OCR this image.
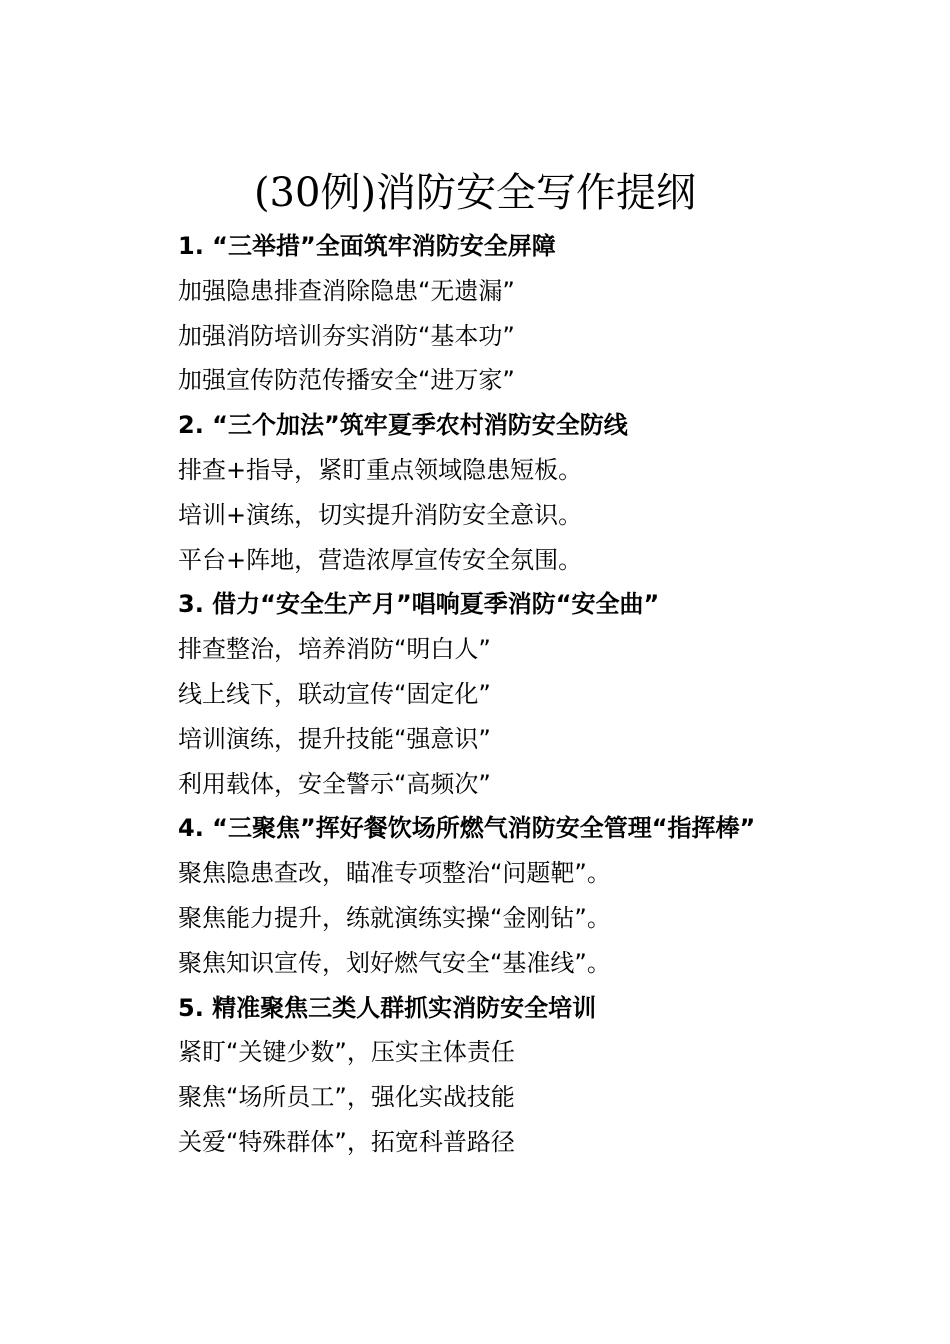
(30例)消防安全写作提纲
1. “三举措”全面筑牢消防安全屏障
加强隐患排查消除隐患“无遗漏”
加强消防培训夯实消防“基本功”
加强宣传防范传播安全“进万家”
2. “三个加法”筑牢夏季农村消防安全防线
排查+指导，紧盯重点领域隐患短板。
培训+演练，切实提升消防安全意识。
平台+阵地，营造浓厚宣传安全氛围。
3. 借力“安全生产月”唱响夏季消防“安全曲”
排查整治，培养消防“明白人”
线上线下，联动宣传“固定化”
培训演练，提升技能“强意识”
利用载体，安全警示“高频次”
4. “三聚焦”挥好餐饮场所燃气消防安全管理“指挥棒”
聚焦隐患查改，瞄准专项整治“问题靶”。
聚焦能力提升，练就演练实操“金刚钻”。
聚焦知识宣传，划好燃气安全“基准线”。
5. 精准聚焦三类人群抓实消防安全培训
紧盯“关键少数”，压实主体责任
聚焦“场所员工”，强化实战技能
关爱“特殊群体”，拓宽科普路径
